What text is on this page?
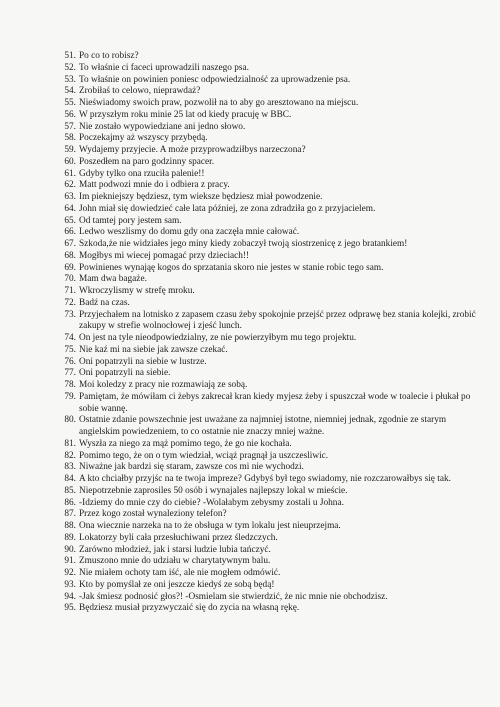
51. Po co to robisz?
52. To właśnie ci faceci uprowadzili naszego psa.
53. To właśnie on powinien poniesc odpowiedzialność za uprowadzenie psa.
54. Zrobiłaś to celowo, nieprawdaż?
55. Nieświadomy swoich praw, pozwolił na to aby go aresztowano na miejscu.
56. W przyszłym roku minie 25 lat od kiedy pracuję w BBC.
57. Nie zostało wypowiedziane ani jedno słowo.
58. Poczekajmy aż wszyscy przybędą.
59. Wydajemy przyjecie. A może przyprowadziłbys narzeczona?
60. Poszedłem na paro godzinny spacer.
61. Gdyby tylko ona rzuciła palenie!!
62. Matt podwozi mnie do i odbiera z pracy.
63. Im piekniejszy będziesz, tym wieksze będziesz miał powodzenie.
64. John miał się dowiedzieć całe lata później, ze zona zdradziła go z przyjacielem.
65. Od tamtej pory jestem sam.
66. Ledwo weszlismy do domu gdy ona zaczęła mnie całować.
67. Szkoda,że nie widziałes jego miny kiedy zobaczył twoją siostrzenicę z jego bratankiem!
68. Mogłbys mi wiecej pomagać przy dzieciach!!
69. Powinienes wynająę kogos do sprzatania skoro nie jestes w stanie robic tego sam.
70. Mam dwa bagaże.
71. Wkroczylismy w strefę mroku.
72. Badź na czas.
73. Przyjechałem na lotnisko z zapasem czasu żeby spokojnie przejść przez odprawę bez stania kolejki, zrobić zakupy w strefie wolnocłowej i zjeść lunch.
74. On jest na tyle nieodpowiedzialny, ze nie powierzyłbym mu tego projektu.
75. Nie kaź mi na siebie jak zawsze czekać.
76. Oni popatrzyli na siebie w lustrze.
77. Oni popatrzyli na siebie.
78. Moi koledzy z pracy nie rozmawiają ze sobą.
79. Pamiętam, że mówiłam ci żebys zakrecał kran kiedy myjesz żeby i spuszczał wode w toalecie i płukał po sobie wannę.
80. Ostatnie zdanie powszechnie jest uważane za najmniej istotne, niemniej jednak, zgodnie ze starym angielskim powiedzeniem, to co ostatnie nie znaczy mniej ważne.
81. Wyszła za niego za mąż pomimo tego, że go nie kochała.
82. Pomimo tego, że on o tym wiedział, wciąż pragnął ja uszczesliwic.
83. Niważne jak bardzi się staram, zawsze cos mi nie wychodzi.
84. A kto chciałby przyjśc na te twoja impreze? Gdybyś był tego swiadomy, nie rozczarowałbys się tak.
85. Niepotrzebnie zaprosiles 50 osób i wynajales najlepszy lokal w mieście.
86. -Idziemy do mnie czy do ciebie? -Wolałabym zebysmy zostali u Johna.
87. Przez kogo został wynaleziony telefon?
88. Ona wiecznie narzeka na to że obsługa w tym lokalu jest nieuprzejma.
89. Lokatorzy byli cała przesłuchiwani przez śledzczych.
90. Zarówno młodzież, jak i starsi ludzie lubia tańczyć.
91. Zmuszono mnie do udziału w charytatywnym balu.
92. Nie miałem ochoty tam iść, ale nie mogłem odmówić.
93. Kto by pomyślał ze oni jeszcze kiedyś ze sobą będą!
94. -Jak śmiesz podnosić głos?! -Osmielam sie stwierdzić, że nic mnie nie obchodzisz.
95. Będziesz musiał przyzwyczaić się do zycia na własną rękę.
